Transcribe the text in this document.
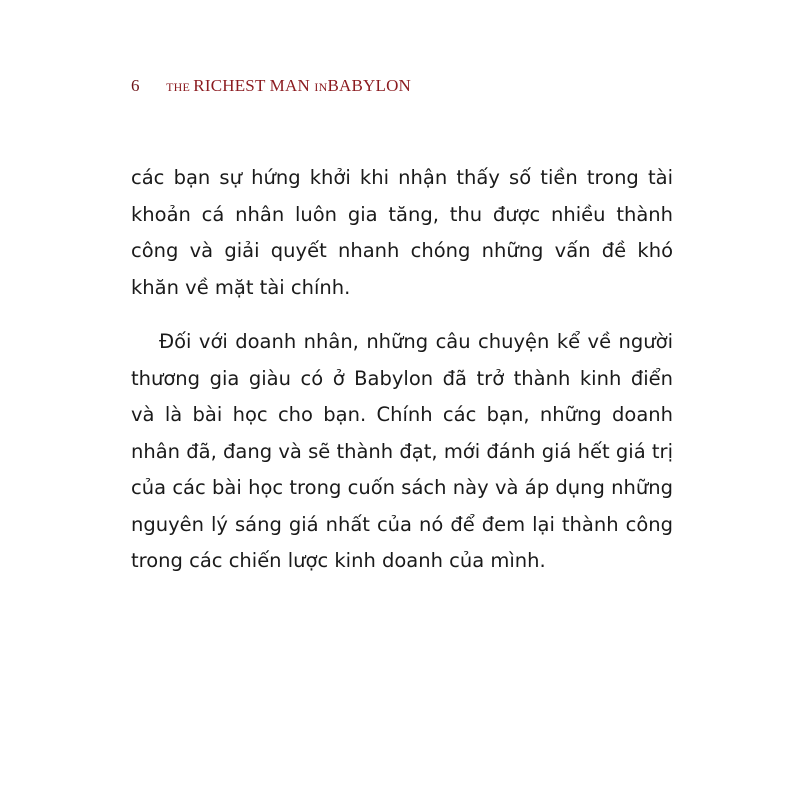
6 THE RICHEST MAN INBABYLON

các bạn sự hứng khởi khi nhận thấy số tiền trong tài
khoản cá nhân luôn gia tăng, thu được nhiều thành
công và giải quyết nhanh chóng những vấn đề khó
khăn về mặt tài chính.

Đối với doanh nhân, những câu chuyện kể về người
thương gia giàu có ở Babylon đã trở thành kinh điển
và là bài học cho bạn. Chính các bạn, những doanh
nhân đã, đang và sẽ thành đạt, mới đánh giá hết giá trị
của các bài học trong cuốn sách này và áp dụng những
nguyên lý sáng giá nhất của nó để đem lại thành công
trong các chiến lược kinh doanh của mình.
